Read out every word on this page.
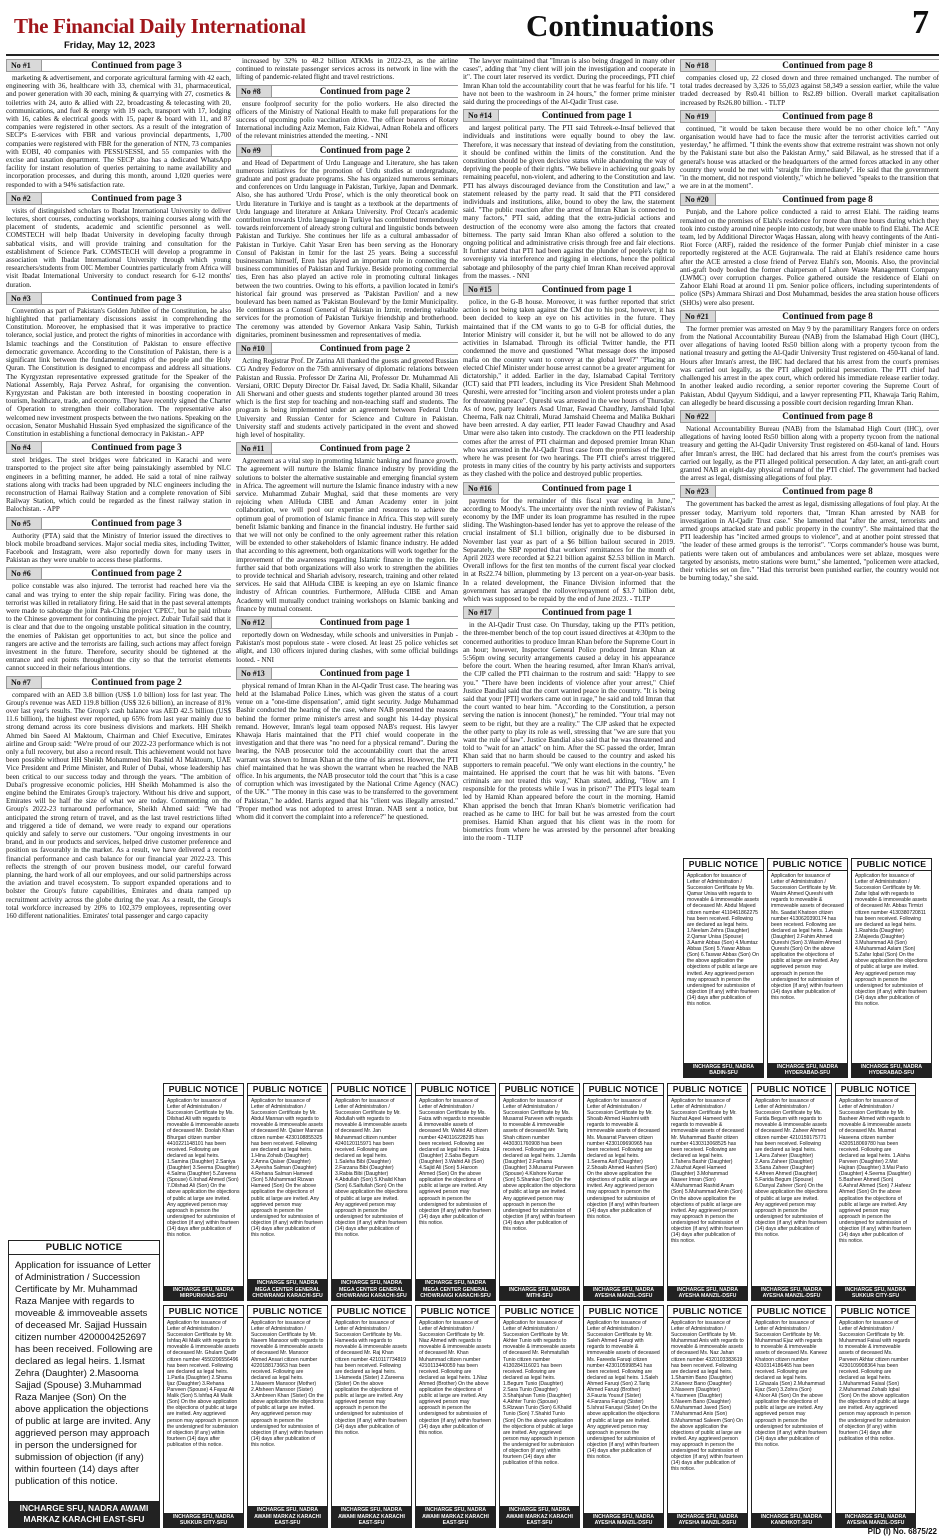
The Financial Daily International
Friday, May 12, 2023
Continuations	7
No #1	Continued from page 3

marketing & advertisement, and corporate agricultural farming with 42 each, engineering with 36, healthcare with 33, chemical with 31, pharmaceutical, and power generation with 30 each, mining & quarrying with 27, cosmetics & toiletries with 24, auto & allied with 22, broadcasting & telecasting with 20, communications, and fuel & energy with 19 each, transport with 17, lodging with 16, cables & electrical goods with 15, paper & board with 11, and 87 companies were registered in other sectors. As a result of the integration of SECP's E-services with FBR and various provincial departments, 1,700 companies were registered with FBR for the generation of NTN, 73 companies with EOBI, 40 companies with PESSI/SESSI, and 55 companies with the excise and taxation department. The SECP also has a dedicated WhatsApp facility for instant resolution of queries pertaining to name availability and incorporation processes, and during this month, around 1,020 queries were responded to with a 94% satisfaction rate.

No #2	Continued from page 3

visits of distinguished scholars to Ibadat International University to deliver lectures, short courses, conducting workshops, training courses along with the placement of students, academic and scientific personnel as well. COMSTECH will help Ibadat University in developing faculty through sabbatical visits, and will provide training and consultation for the establishment of Science Park. COMSTECH will develop a programme in association with Ibadat International University through which young researchers/students from OIC Member Countries particularly from Africa will visit Ibadat International University to conduct research for 6-12 months' duration.

No #3	Continued from page 3

Convention as part of Pakistan's Golden Jubilee of the Constitution, he also highlighted that parliamentary discussions assist in comprehending the Constitution. Moreover, he emphasised that it was imperative to practice tolerance, social justice, and protect the rights of minorities in accordance with Islamic teachings and the Constitution of Pakistan to ensure effective democratic governance. According to the Constitution of Pakistan, there is a significant link between the fundamental rights of the people and the Holy Quran. The Constitution is designed to encompass and address all situations. The Kyrgyzstan representative expressed gratitude for the Speaker of the National Assembly, Raja Pervez Ashraf, for organising the convention. Kyrgyzstan and Pakistan are both interested in boosting cooperation in tourism, healthcare, trade, and economy. They have recently signed the Charter of Operation to strengthen their collaboration. The representative also welcomed new investment prospects between the two nations. Speaking on the occasion, Senator Mushahid Hussain Syed emphasized the significance of the Constitution in establishing a functional democracy in Pakistan.- APP

No #4	Continued from page 3

steel bridges. The steel bridges were fabricated in Karachi and were transported to the project site after being painstakingly assembled by NLC engineers in a befitting manner, he added. He said a total of nine railway stations along with tracks had been upgraded by NLC engineers including the reconstruction of Harnai Railway Station and a complete renovation of Sibi Railway Station, which could be regarded as the finest railway station in Balochistan. - APP

No #5	Continued from page 3

Authority (PTA) said that the Ministry of Interior issued the directives to block mobile broadband services. Major social media sites, including Twitter, Facebook and Instagram, were also reportedly down for many users in Pakistan as they were unable to access these platforms.

No #6	Continued from page 2

police constable was also injured. The terrorist had reached here via the canal and was trying to enter the ship repair facility. Firing was done, the terrorist was killed in retaliatory firing. He said that in the past several attempts were made to sabotage the joint Pak-China project 'CPEC', but he paid tribute to the Chinese government for continuing the project. Zubair Tufail said that it is clear and that due to the ongoing unstable political situation in the country, the enemies of Pakistan get opportunities to act, but since the police and rangers are active and the terrorists are failing, such actions may affect foreign investment in the future. Therefore, security should be tightened at the entrance and exit points throughout the city so that the terrorist elements cannot succeed in their nefarious intentions.

No #7	Continued from page 2

compared with an AED 3.8 billion (US$ 1.0 billion) loss for last year. The Group's revenue was AED 119.8 billion (US$ 32.6 billion), an increase of 81% over last year's results. The Group's cash balance was AED 42.5 billion (US$ 11.6 billion), the highest ever reported, up 65% from last year mainly due to strong demand across its core business divisions and markets. HH Sheikh Ahmed bin Saeed Al Maktoum, Chairman and Chief Executive, Emirates airline and Group said: "We're proud of our 2022-23 performance which is not only a full recovery, but also a record result. This achievement would not have been possible without HH Sheikh Mohammed bin Rashid Al Maktoum, UAE Vice President and Prime Minister, and Ruler of Dubai, whose leadership has been critical to our success today and through the years. "The ambition of Dubai's progressive economic policies, HH Sheikh Mohammed is also the engine behind the Emirates Group's trajectory. Without his drive and support, Emirates will be half the size of what we are today. Commenting on the Group's 2022-23 turnaround performance, Sheikh Ahmed said: "We had anticipated the strong return of travel, and as the last travel restrictions lifted and triggered a tide of demand, we were ready to expand our operations quickly and safely to serve our customers. "Our ongoing investments in our brand, and in our products and services, helped drive customer preference and position us favourably in the market. As a result, we have delivered a record financial performance and cash balance for our financial year 2022-23. This reflects the strength of our proven business model, our careful forward planning, the hard work of all our employees, and our solid partnerships across the aviation and travel ecosystem. To support expanded operations and to bolster the Group's future capabilities, Emirates and dnata ramped up recruitment activity across the globe during the year. As a result, the Group's total workforce increased by 20% to 102,379 employees, representing over 160 different nationalities. Emirates' total passenger and cargo capacity

increased by 32% to 48.2 billion ATKMs in 2022-23, as the airline continued to reinstate passenger services across its network in line with the lifting of pandemic-related flight and travel restrictions.

No #8	Continued from page 2

ensure foolproof security for the polio workers. He also directed the officers of the Ministry of National Health to make full preparations for the success of upcoming polio vaccination drive. The officer bearers of Rotary International including Aziz Memon, Faiz Kidwai, Adnan Rohela and officers of the relevant ministries attended the meeting. - NNI

No #9	Continued from page 2

and Head of Department of Urdu Language and Literature, she has taken numerous initiatives for the promotion of Urdu studies at undergraduate, graduate and post graduate programs. She has organized numerous seminars and conferences on Urdu language in Pakistan, Turkiye, Japan and Denmark. Also, she has authored 'Urdu Prose', which is the only theoretical book on Urdu literature in Turkiye and is taught as a textbook at the departments of Urdu language and literature at Ankara University. Prof Ozcan's academic contribution towards Urdu language in Turkiye has contributed tremendously towards reinforcement of already strong cultural and linguistic bonds between Pakistan and Turkiye. She continues her life as a cultural ambassador of Pakistan in Turkiye. Cahit Yasar Eren has been serving as the Honorary Consul of Pakistan in Izmir for the last 25 years. Being a successful businessman himself, Eren has played an important role in connecting the business communities of Pakistan and Turkiye. Beside promoting commercial ties, Eren has also played an active role in promoting cultural linkages between the two countries. Owing to his efforts, a pavilion located in Izmir's historical fair ground was preserved as 'Pakistan Pavilion' and a new boulevard has been named as 'Pakistan Boulevard' by the Izmir Municipality. He continues as a Consul General of Pakistan in Izmir, rendering valuable services for the promotion of Pakistan Turkiye friendship and brotherhood. The ceremony was attended by Governor Ankara Vasip Sahin, Turkish dignitaries, prominent businessmen and representatives of media.

No #10	Continued from page 2

Acting Registrar Prof. Dr Zarina Ali thanked the guests and greeted Russian CG Andrey Fedorov on the 75th anniversary of diplomatic relations between Pakistan and Russia. Professor Dr Zarina Ali, Professor Dr. Muhammad Ali Versiani, ORIC Deputy Director Dr. Faisal Javed, Dr. Sadia Khalil, Sikandar Ali Sherwani and other guests and students together planted around 30 trees which is the first step for teaching and non-teaching staff and students. The program is being implemented under an agreement between Federal Urdu University and Russian Center for Science and Culture in Pakistan. University staff and students actively participated in the event and showed high level of hospitality.

No #11	Continued from page 2

Agreement as a vital step in promoting Islamic banking and finance growth. The agreement will nurture the Islamic finance industry by providing the solutions to bolster the alternative sustainable and emerging financial system in Africa. The agreement will nurture the Islamic finance industry with a new service. Muhammad Zubair Mughal, said that these moments are very rejoicing when AlHuda CIBE and Aman Academy enter in joint collaboration, we will pool our expertise and resources to achieve the optimum goal of promotion of Islamic finance in Africa. This step will surely benefit Islamic banking and finance in the financial industry. He further said that we will not only be confined to the only agreement rather this relation will be extended to other stakeholders of Islamic finance industry. He added that according to this agreement, both organizations will work together for the improvement of the awareness regarding Islamic finance in the region. He further said that both organizations will also work to strengthen the abilities to provide technical and Shariah advisory, research, training and other related services. He said that AlHuda CIBE is keeping an eye on Islamic finance industry of African countries. Furthermore, AlHuda CIBE and Aman Academy will mutually conduct training workshops on Islamic banking and finance by mutual consent.

No #12	Continued from page 1

reportedly down on Wednesday, while schools and universities in Punjab - Pakistan's most populous state - were closed. At least 25 police vehicles set alight, and 130 officers injured during clashes, with some official buildings looted. - NNI

No #13	Continued from page 1

physical remand of Imran Khan in the Al-Qadir Trust case. The hearing was held at the Islamabad Police Lines, which was given the status of a court venue on a "one-time dispensation", amid tight security. Judge Muhammad Bashir conducted the hearing of the case, where NAB presented the reasons behind the former prime minister's arrest and sought his 14-day physical remand. However, Imran's legal team opposed NAB's request. His lawyer Khawaja Haris maintained that the PTI chief would cooperate in the investigation and that there was "no need for a physical remand". During the hearing, the NAB prosecutor told the accountability court that the arrest warrant was shown to Imran Khan at the time of his arrest. However, the PTI chief maintained that he was shown the warrant when he reached the NAB office. In his arguments, the NAB prosecutor told the court that "this is a case of corruption which was investigated by the National Crime Agency (NAC) of the UK." "The money in this case was to be transferred to the government of Pakistan," he added. Harris argued that his "client was illegally arrested." "Proper method was not adopted to arrest Imran. NAB sent a notice, but whom did it convert the complaint into a reference?" he questioned.

The lawyer maintained that "Imran is also being dragged in many other cases", adding that "my client will join the investigation and cooperate in it". The court later reserved its verdict. During the proceedings, PTI chief Imran Khan told the accountability court that he was fearful for his life. "I have not been to the washroom in 24 hours," the former prime minister said during the proceedings of the Al-Qadir Trust case.

No #14	Continued from page 1

and largest political party. The PTI said Tehreek-e-Insaf believed that individuals and institutions were equally bound to obey the law. Therefore, it was necessary that instead of deviating from the constitution, it should be confined within the limits of the constitution. And the constitution should be given decisive status while abandoning the way of depriving the people of their rights. "We believe in achieving our goals by remaining peaceful, non-violent, and adhering to the Constitution and law. PTI has always discouraged deviance from the Constitution and law," a statement released by the party read. It said that the PTI considered individuals and institutions, alike, bound to obey the law, the statement said. "The public reaction after the arrest of Imran Khan is connected to many factors," PTI said, adding that the extra-judicial actions and destruction of the economy were also among the factors that created bitterness. The party said Imran Khan also offered a solution to the ongoing political and administrative crisis through free and fair elections. It further stated that PTI had been against the plunder of people's right to sovereignty via interference and rigging in elections, hence the political sabotage and philosophy of the party chief Imran Khan received approval from the masses. - NNI

No #15	Continued from page 1

police, in the G-B house. Moreover, it was further reported that strict action is not being taken against the CM due to his post, however, it has been decided to keep an eye on his activities in the future. They maintained that if the CM wants to go to G-B for official duties, the Interior Ministry will consider it, but he will not be allowed to do any activities in Islamabad. Through its official Twitter handle, the PTI condemned the move and questioned "What message does the imposed mafia on the country want to convey at the global level?" "Placing an elected Chief Minister under house arrest cannot be a greater argument for dictatorship," it added. Earlier in the day, Islamabad Capital Territory (ICT) said that PTI leaders, including its Vice President Shah Mehmood Qureshi, were arrested for "inciting arson and violent protests under a plan for threatening peace". Qureshi was arrested in the wee hours of Thursday. As of now, party leaders Asad Umar, Fawad Chaudhry, Jamshaid Iqbal Cheema, Falk naz Chitrali, Murad Jamshaid Cheema and Malika Bukhari have been arrested. A day earlier, PTI leader Fawad Chaudhry and Asad Umar were also taken into custody. The crackdown on the PTI leadership comes after the arrest of PTI chairman and deposed premier Imran Khan who was arrested in the Al-Qadir Trust case from the premises of the IHC, where he was present for two hearings. The PTI chief's arrest triggered protests in many cities of the country by his party activists and supporters as they clashed with the police and destroyed public properties.

No #16	Continued from page 1

payments for the remainder of this fiscal year ending in June," according to Moody's. The uncertainty over the ninth review of Pakistan's economy by the IMF under its loan programme has resulted in the rupee sliding. The Washington-based lender has yet to approve the release of the crucial instalment of $1.1 billion, originally due to be disbursed in November last year as part of a $6 billion bailout secured in 2019. Separately, the SBP reported that workers' remittances for the month of April 2023 were recorded at $2.21 billion against $2.53 billion in March. Overall inflows for the first ten months of the current fiscal year clocked in at Rs22.74 billion, plummeting by 13 percent on a year-on-year basis. In a related development, the Finance Division informed that the government has arranged the rollover/repayment of $3.7 billion debt, which was supposed to be repaid by the end of June 2023. - TLTP

No #17	Continued from page 1

in the Al-Qadir Trust case. On Thursday, taking up the PTI's petition, the three-member bench of the top court issued directives at 4:30pm to the concerned authorities to produce Imran Khan before the Supreme Court in an hour; however, Inspector General Police produced Imran Khan at 5:56pm owing security arrangements caused a delay in his appearance before the court. When the hearing resumed, after Imran Khan's arrival, the CJP called the PTI chairman to the rostrum and said: "Happy to see you." "There have been incidents of violence after your arrest," Chief Justice Bandial said that the court wanted peace in the country. "It is being said that your [PTI] workers came out in rage," he said and told Imran that the court wanted to hear him. "According to the Constitution, a person serving the nation is innocent (honest)," he reminded. "Your trial may not seem to be right, but they are a reality." The CJP asked that he expected the other party to play its role as well, stressing that "we are sure that you want the rule of law". Justice Bandial also said that he was threatened and told to "wait for an attack" on him. After the SC passed the order, Imran Khan said that no harm should be caused to the country and asked his supporters to remain peaceful. "We only want elections in the country," he maintained. He apprised the court that he was hit with batons. "Even criminals are not treated this way," Khan stated, adding, "How am I responsible for the protests while I was in prison?" The PTI's legal team led by Hamid Khan appeared before the court in the morning. Hamid Khan apprised the bench that Imran Khan's biometric verification had reached as he came to IHC for bail but he was arrested from the court premises. Hamid Khan argued that his client was in the room for biometrics from where he was arrested by the personnel after breaking into the room - TLTP

No #18	Continued from page 8

companies closed up, 22 closed down and three remained unchanged. The number of total trades decreased by 3,326 to 55,023 against 58,349 a session earlier, while the value traded decreased by Rs0.41 billion to Rs2.89 billion. Overall market capitalisation increased by Rs26.80 billion. - TLTP

No #19	Continued from page 8

continued, "it would be taken because there would be no other choice left." "Any organisation would have had to face the music after the terrorist activities carried out yesterday," he affirmed. "I think the events show that extreme restraint was shown not only by the Pakistani state but also the Pakistan Army," said Bilawal, as he stressed that if a general's house was attacked or the headquarters of the armed forces attacked in any other country they would be met with "straight fire immediately". He said that the government "in the moment, did not respond violently," which he believed "speaks to the transition that we are in at the moment".

No #20	Continued from page 8

Punjab, and the Lahore police conducted a raid to arrest Elahi. The raiding teams remained on the premises of Elahi's residence for more than three hours during which they took into custody around nine people into custody, but were unable to find Elahi. The ACE team, led by Additional Director Waqas Hassan, along with heavy contingents of the Anti-Riot Force (ARF), raided the residence of the former Punjab chief minister in a case reportedly registered at the ACE Gujranwala. The raid at Elahi's residence came hours after the ACE arrested a close friend of Pervez Elahi's son, Moonis. Also, the provincial anti-graft body booked the former chairperson of Lahore Waste Management Company (LWMC) over corruption charges. Police gathered outside the residence of Elahi on Zahoor Elahi Road at around 11 pm. Senior police officers, including superintendents of police (SPs) Ammara Shirazi and Dost Muhammad, besides the area station house officers (SHOs) were also present.

No #21	Continued from page 8

The former premier was arrested on May 9 by the paramilitary Rangers force on orders from the National Accountability Bureau (NAB) from the Islamabad High Court (IHC), over allegations of having looted Rs50 billion along with a property tycoon from the national treasury and getting the Al-Qadir University Trust registered on 450-kanal of land. Hours after Imran's arrest, the IHC had declared that his arrest from the court's premises was carried out legally, as the PTI alleged political persecution. The PTI chief had challenged his arrest in the apex court, which ordered his immediate release earlier today. In another leaked audio recording, a senior reporter covering the Supreme Court of Pakistan, Abdul Qayyum Siddiqui, and a lawyer representing PTI, Khawaja Tariq Rahim, can allegedly be heard discussing a possible court decision regarding Imran Khan.

No #22	Continued from page 8

National Accountability Bureau (NAB) from the Islamabad High Court (IHC), over allegations of having looted Rs50 billion along with a property tycoon from the national treasury and getting the Al-Qadir University Trust registered on 450-kanal of land. Hours after Imran's arrest, the IHC had declared that his arrest from the court's premises was carried out legally, as the PTI alleged political persecution. A day later, an anti-graft court granted NAB an eight-day physical remand of the PTI chief. The government had backed the arrest as legal, dismissing allegations of foul play.

No #23	Continued from page 8

The government has backed the arrest as legal, dismissing allegations of foul play. At the presser today, Marriyum told reporters that, "Imran Khan arrested by NAB for investigation in Al-Qadir Trust case." She lamented that "after the arrest, terrorists and armed groups attacked state and public property in the country". She maintained that the PTI leadership has "incited armed groups to violence", and at another point stressed that "the leader of these armed groups is the terrorist". "Corps commander's house was burnt, patients were taken out of ambulances and ambulances were set ablaze, mosques were targeted by arsonists, metro stations were burnt," she lamented, "policemen were attacked, their vehicles set on fire." "Had this terrorist been punished earlier, the country would not be burning today," she said.

PUBLIC NOTICE
Application for issuance of Letter of Administration / Succession Certificate by Mr. Muhammad Raza Manjee with regards to moveable & immoveable assets of deceased Mr. Sajjad Hussain citizen number 4200004252697 has been received. Following are declared as legal heirs. 1.Ismat Zehra (Daughter) 2.Masooma Sajjad (Spouse) 3.Muhammad Raza Manjee (Son) On the above application the objections of public at large are invited. Any aggrieved person may approach in person the undersigned for submission of objection (if any) within fourteen (14) days after publication of this notice.
INCHARGE SFU, NADRA AWAMI MARKAZ KARACHI EAST-SFU
PUBLIC NOTICE
Application for issuance of Letter of Administration / Succession Certificate by Ms. Qamar Unisa with regards to moveable & immoveable assets of deceased Mr. Abdul Majeed citizen number 4110461862275 has been received. Following are declared as legal heirs. 1.Neelam Zehra (Daughter) 2.Qamar Unisa (Spouse) 3.Aamir Abbas (Son) 4.Mumtaz Abbas (Son) 5.Yawar Abbas (Son) 6.Taswar Abbas (Son) On the above application the objections of public at large are invited. Any aggrieved person may approach in person the undersigned for submission of objection (if any) within fourteen (14) days after publication of this notice.
INCHARGE SFU, NADRA BADIN-SFU
PUBLIC NOTICE
Application for issuance of Letter of Administration / Succession Certificate by Mr. Wasim Ahmed Qureshi with regards to moveable & immoveable assets of deceased Ms. Saadat Khatoon citizen number 4130620390174 has been received. Following are declared as legal heirs. 1.Awais (Daughter) 2.Fahim Ahmed Qureshi (Son) 3.Wasim Ahmed Qureshi (Son) On the above application the objections of public at large are invited. Any aggrieved person may approach in person the undersigned for submission of objection (if any) within fourteen (14) days after publication of this notice.
INCHARGE SFU, NADRA HYDERABAD-SFU
PUBLIC NOTICE
Application for issuance of Letter of Administration / Succession Certificate by Mr. Zafar Iqbal with regards to moveable & immoveable assets of deceased Mr. Abbas Tirmizi citizen number 4130380720811 has been received. Following are declared as legal heirs. 1.Rashida (Daughter) 2.Majeeda (Daughter) 3.Muhammad Ali (Son) 4.Muhammad Aslam (Son) 5.Zafar Iqbal (Son) On the above application the objections of public at large are invited. Any aggrieved person may approach in person the undersigned for submission of objection (if any) within fourteen (14) days after publication of this notice.
INCHARGE SFU, NADRA HYDERABAD-SFU
PUBLIC NOTICE
Application for issuance of Letter of Administration / Succession Certificate by Ms. Dilshad Ali with regards to moveable & immoveable assets of deceased Mr. Doolah Khan Bhurgari citizen number 4410221148101 has been received. Following are declared as legal heirs. 1.Samina (Daughter) 2.Saniya (Daughter) 3.Seema (Daughter) 4.Salma (Daughter) 5.Zareena (Spouse) 6.Irshad Ahmed (Son) 7.Dilshad Ali (Son) On the above application the objections of public at large are invited. Any aggrieved person may approach in person the undersigned for submission of objection (if any) within fourteen (14) days after publication of this notice.
INCHARGE SFU, NADRA MIRPURKHAS-SFU
PUBLIC NOTICE
Application for issuance of Letter of Administration / Succession Certificate by Mr. Abdul Mannan with regards to moveable & immoveable assets of deceased Mr. Qaiser Mannan citizen number 4230108855325 has been received. Following are declared as legal heirs. 1.Hina Zohaib (Daughter) 2.Amna Qaiser (Daughter) 3.Ayesha Salman (Daughter) 4.Rehana Salman Hameed (Son) 5.Muhammad Rizwan Hameed (Son) On the above application the objections of public at large are invited. Any aggrieved person may approach in person the undersigned for submission of objection (if any) within fourteen (14) days after publication of this notice.
INCHARGE SFU, NADRA MEGA CENTER GENERAL CHOWRANGI KARACHI-SFU
PUBLIC NOTICE
Application for issuance of Letter of Administration / Succession Certificate by Mr. Abdullah with regards to moveable & immoveable assets of deceased Mr. Jan Muhammad citizen number 4240120115971 has been received. Following are declared as legal heirs. 1.Saleha Bibi (Daughter) 2.Farzana Bibi (Daughter) 3.Rabia Bibi (Daughter) 4.Abdullah (Son) 5.Khalid Khan (Son) 6.Saifullah (Son) On the above application the objections of public at large are invited. Any aggrieved person may approach in person the undersigned for submission of objection (if any) within fourteen (14) days after publication of this notice.
INCHARGE SFU, NADRA MEGA CENTER GENERAL CHOWRANGI KARACHI-SFU
PUBLIC NOTICE
Application for issuance of Letter of Administration / Succession Certificate by Ms. Faiza with regards to moveable & immoveable assets of deceased Mr. Wahid Ali citizen number 4240116228295 has been received. Following are declared as legal heirs. 1.Faiza (Daughter) 2.Saba Begum (Daughter) 3.Wahid Ali (Son) 4.Sajid Ali (Son) 5.Haroon Ahmed (Son) On the above application the objections of public at large are invited. Any aggrieved person may approach in person the undersigned for submission of objection (if any) within fourteen (14) days after publication of this notice.
INCHARGE SFU, NADRA MEGA CENTER GENERAL CHOWRANGI KARACHI-SFU
PUBLIC NOTICE
Application for issuance of Letter of Administration / Succession Certificate by Ms. Musarrat Parveen with regards to moveable & immoveable assets of deceased Mr. Tariq Shah citizen number 4430301760908 has been received. Following are declared as legal heirs. 1.Jamila (Daughter) 2.Farhana (Daughter) 3.Musarrat Parveen (Spouse) 4.Kishore Kumar (Son) 5.Shankar (Son) On the above application the objections of public at large are invited. Any aggrieved person may approach in person the undersigned for submission of objection (if any) within fourteen (14) days after publication of this notice.
INCHARGE SFU, NADRA MITHI-SFU
PUBLIC NOTICE
Application for issuance of Letter of Administration / Succession Certificate by Mr. Shoaib Ahmed Hashmi with regards to moveable & immoveable assets of deceased Ms. Musarrat Parveen citizen number 4230109690965 has been received. Following are declared as legal heirs. 1.Seema Asif (Daughter) 2.Shoaib Ahmed Hashmi (Son) On the above application the objections of public at large are invited. Any aggrieved person may approach in person the undersigned for submission of objection (if any) within fourteen (14) days after publication of this notice.
INCHARGE SFU, NADRA AYESHA MANZIL-DSFU
PUBLIC NOTICE
Application for issuance of Letter of Administration / Succession Certificate by Mr. Nuzhat Aqeel Hameed with regards to moveable & immoveable assets of deceased Mr. Muhammad Bashir citizen number 4130313068525 has been received. Following are declared as legal heirs. 1.Tahera Bashir (Daughter) 2.Nuzhat Aqeel Hameed (Daughter) 3.Mohammad Naseer Imran (Son) 4.Muhammad Rashid Anam (Son) 5.Muhammad Amin (Son) On the above application the objections of public at large are invited. Any aggrieved person may approach in person the undersigned for submission of objection (if any) within fourteen (14) days after publication of this notice.
INCHARGE SFU, NADRA AYESHA MANZIL-DSFU
PUBLIC NOTICE
Application for issuance of Letter of Administration / Succession Certificate by Ms. Farida Begum with regards to moveable & immoveable assets of deceased Mr. Zaheer Ahmed citizen number 4210159175771 has been received. Following are declared as legal heirs. 1.Asra Zaheer (Daughter) 2.Asra Zaheer (Daughter) 3.Sana Zaheer (Daughter) 4.Afreen Ahmed (Daughter) 5.Farida Begum (Spouse) 6.Danyal Zaheer (Son) On the above application the objections of public at large are invited. Any aggrieved person may approach in person the undersigned for submission of objection (if any) within fourteen (14) days after publication of this notice.
INCHARGE SFU, NADRA AYESHA MANZIL-DSFU
PUBLIC NOTICE
Application for issuance of Letter of Administration / Succession Certificate by Mr. Basheer Ahmed with regards to moveable & immoveable assets of deceased Ms. Musmat Haseena citizen number 4320518069780 has been received. Following are declared as legal heirs. 1.Aisha Parveen (Daughter) 2.Mst Hajiran (Daughter) 3.Mai Pario (Daughter) 4.Seema (Daughter) 5.Basheer Ahmed (Son) 6.Ashraf Ahmed (Son) 7.Hafeez Ahmed (Son) On the above application the objections of public at large are invited. Any aggrieved person may approach in person the undersigned for submission of objection (if any) within fourteen (14) days after publication of this notice.
INCHARGE SFU, NADRA SUKKUR CITY-SFU
PUBLIC NOTICE
Application for issuance of Letter of Administration / Succession Certificate by Mr. Ishfaq Ali Malik with regards to moveable & immoveable assets of deceased Mr. Ghulam Qadir citizen number 4550206556496 has been received. Following are declared as legal heirs. 1.Parila (Daughter) 2.Shama Ijaz (Daughter) 3.Rehana Parveen (Spouse) 4.Fayaz Ali Malik (Son) 5.Ishfaq Ali Malik (Son) On the above application the objections of public at large are invited. Any aggrieved person may approach in person the undersigned for submission of objection (if any) within fourteen (14) days after publication of this notice.
INCHARGE SFU, NADRA SUKKUR CITY-SFU
PUBLIC NOTICE
Application for issuance of Letter of Administration / Succession Certificate by Mr. Naeem Mansoor with regards to moveable & immoveable assets of deceased Mr. Mansoor Ahmed Ansari citizen number 4220188173663 has been received. Following are declared as legal heirs. 1.Naseem Mansoor (Mother) 2.Afsheen Mansoor (Sister) 3.Ambreen Khan (Sister) On the above application the objections of public at large are invited. Any aggrieved person may approach in person the undersigned for submission of objection (if any) within fourteen (14) days after publication of this notice.
INCHARGE SFU, NADRA AWAMI MARKAZ KARACHI EAST-SFU
PUBLIC NOTICE
Application for issuance of Letter of Administration / Succession Certificate by Ms. Hameeda with regards to moveable & immoveable assets of deceased Mr. Raj Khan citizen number 4210117734819 has been received. Following are declared as legal heirs. 1.Hameeda (Sister) 2.Zareena (Sister) On the above application the objections of public at large are invited. Any aggrieved person may approach in person the undersigned for submission of objection (if any) within fourteen (14) days after publication of this notice.
INCHARGE SFU, NADRA AWAMI MARKAZ KARACHI EAST-SFU
PUBLIC NOTICE
Application for issuance of Letter of Administration / Succession Certificate by Mr. Niaz Ahmed with regards to moveable & immoveable assets of deceased Mr. Khan Muhammad citizen number 4210113440059 has been received. Following are declared as legal heirs. 1.Niaz Ahmed (Brother) On the above application the objections of public at large are invited. Any aggrieved person may approach in person the undersigned for submission of objection (if any) within fourteen (14) days after publication of this notice.
INCHARGE SFU, NADRA AWAMI MARKAZ KARACHI EAST-SFU
PUBLIC NOTICE
Application for issuance of Letter of Administration / Succession Certificate by Mr. Akhter Tunio with regards to moveable & immoveable assets of deceased Mr. Rehmatullah Tunio citizen number 4130284116021 has been received. Following are declared as legal heirs. 1.Begum Tunio (Daughter) 2.Sara Tunio (Daughter) 3.Shahjahan Tunio (Daughter) 4.Akhter Tunio (Spouse) 5.Rizwan Tunio (Son) 6.Khalid Tunio (Son) 7.Shahid Tunio (Son) On the above application the objections of public at large are invited. Any aggrieved person may approach in person the undersigned for submission of objection (if any) within fourteen (14) days after publication of this notice.
INCHARGE SFU, NADRA AWAMI MARKAZ KARACHI EAST-SFU
PUBLIC NOTICE
Application for issuance of Letter of Administration / Succession Certificate by Mr. Saleh Ahmed Faruqi with regards to moveable & immoveable assets of deceased Ms. Fareeda Faruqi citizen number 4230105998541 has been received. Following are declared as legal heirs. 1.Saleh Ahmed Faruqi (Son) 2.Tariq Ahmed Faruqi (Brother) 3.Fauzia Yousuf (Sister) 4.Farzana Faruqi (Sister) 5.Ishrat Faruqui (Sister) On the above application the objections of public at large are invited. Any aggrieved person may approach in person the undersigned for submission of objection (if any) within fourteen (14) days after publication of this notice.
INCHARGE SFU, NADRA AYESHA MANZIL-DSFU
PUBLIC NOTICE
Application for issuance of Letter of Administration / Succession Certificate by Mr. Muhammad Anis with regards to moveable & immoveable assets of deceased Ms. Naz Jahan citizen number 4320103383619 has been received. Following are declared as legal heirs. 1.Shamim Bano (Daughter) 2.Kaneez Bano (Daughter) 3.Naseem (Daughter) 4.Yasmeen (Daughter) 5.Naeem Bano (Daughter) 6.Muhammad Javed (Son) 7.Muhammad Anis (Son) 8.Muhammad Saleem (Son) On the above application the objections of public at large are invited. Any aggrieved person may approach in person the undersigned for submission of objection (if any) within fourteen (14) days after publication of this notice.
INCHARGE SFU, NADRA AYESHA MANZIL-DSFU
PUBLIC NOTICE
Application for issuance of Letter of Administration / Succession Certificate by Mr. Muhammad Ejaz with regards to moveable & immoveable assets of deceased Ms. Kaneez Khatoon citizen number 4310314186465 has been received. Following are declared as legal heirs. 1.Ghazala (Son) 2.Muhammad Ejaz (Son) 3.Zohra (Son) 4.Noor Ali (Son) On the above application the objections of public at large are invited. Any aggrieved person may approach in person the undersigned for submission of objection (if any) within fourteen (14) days after publication of this notice.
INCHARGE SFU, NADRA KANDHKOT-SFU
PUBLIC NOTICE
Application for issuance of Letter of Administration / Succession Certificate by Mr. Muhammad Faisal with regards to moveable & immoveable assets of deceased Ms. Parveen Akhtar citizen number 4230109908364 has been received. Following are declared as legal heirs. 1.Muhammad Faisal (Son) 2.Muhammad Zohaib Iqbal (Son) On the above application the objections of public at large are invited. Any aggrieved person may approach in person the undersigned for submission of objection (if any) within fourteen (14) days after publication of this notice.
INCHARGE SFU, NADRA AYESHA MANZIL-DSFU
PID (I) No. 6875/22
